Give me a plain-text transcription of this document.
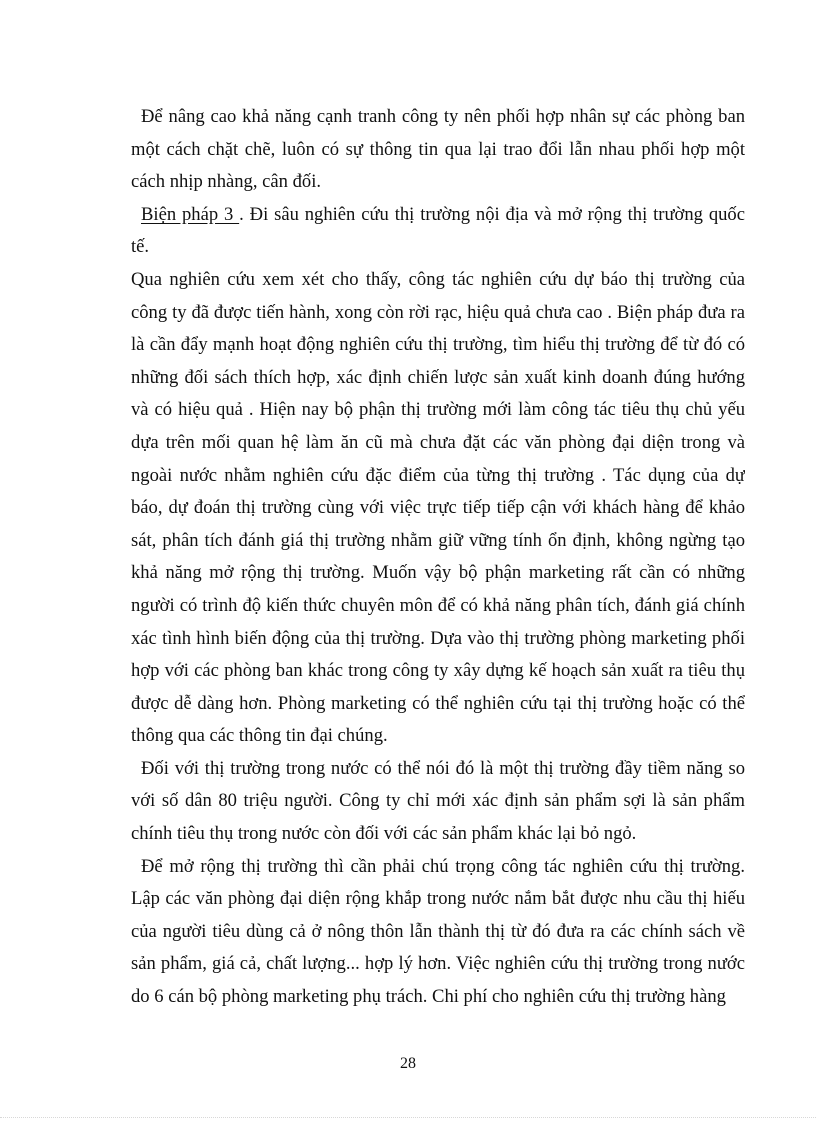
Để nâng cao khả năng cạnh tranh công ty nên phối hợp nhân sự các phòng ban
một cách chặt chẽ, luôn có sự thông tin qua lại trao đổi lẫn nhau phối hợp một
cách nhịp nhàng, cân đối.
Biện pháp 3 . Đi sâu nghiên cứu thị trường nội địa và mở rộng thị trường quốc
tế.
Qua nghiên cứu xem xét cho thấy, công tác nghiên cứu dự báo thị trường của
công ty đã được tiến hành, xong còn rời rạc, hiệu quả chưa cao . Biện pháp đưa ra
là cần đẩy mạnh hoạt động nghiên cứu thị trường, tìm hiểu thị trường để từ đó có
những đối sách thích hợp, xác định chiến lược sản xuất kinh doanh đúng hướng
và có hiệu quả . Hiện nay bộ phận thị trường mới làm công tác tiêu thụ chủ yếu
dựa trên mối quan hệ làm ăn cũ mà chưa đặt các văn phòng đại diện trong và
ngoài nước nhằm nghiên cứu đặc điểm của từng thị trường . Tác dụng của dự
báo, dự đoán thị trường cùng với việc trực tiếp tiếp cận với khách hàng để khảo
sát, phân tích đánh giá thị trường nhằm giữ vững tính ổn định, không ngừng tạo
khả năng mở rộng thị trường. Muốn vậy bộ phận marketing rất cần có những
người có trình độ kiến thức chuyên môn để có khả năng phân tích, đánh giá chính
xác tình hình biến động của thị trường. Dựa vào thị trường phòng marketing phối
hợp với các phòng ban khác trong công ty xây dựng kế hoạch sản xuất ra tiêu thụ
được dễ dàng hơn. Phòng marketing có thể nghiên cứu tại thị trường hoặc có thể
thông qua các thông tin đại chúng.
Đối với thị trường trong nước có thể nói đó là một thị trường đầy tiềm năng so
với số dân 80 triệu người. Công ty chỉ mới xác định sản phẩm sợi là sản phẩm
chính tiêu thụ trong nước còn đối với các sản phẩm khác lại bỏ ngỏ.
Để mở rộng thị trường thì cần phải chú trọng công tác nghiên cứu thị trường.
Lập các văn phòng đại diện rộng khắp trong nước nắm bắt được nhu cầu thị hiếu
của người tiêu dùng cả ở nông thôn lẫn thành thị từ đó đưa ra các chính sách về
sản phẩm, giá cả, chất lượng... hợp lý hơn. Việc nghiên cứu thị trường trong nước
do 6 cán bộ phòng marketing phụ trách. Chi phí cho nghiên cứu thị trường hàng
28
